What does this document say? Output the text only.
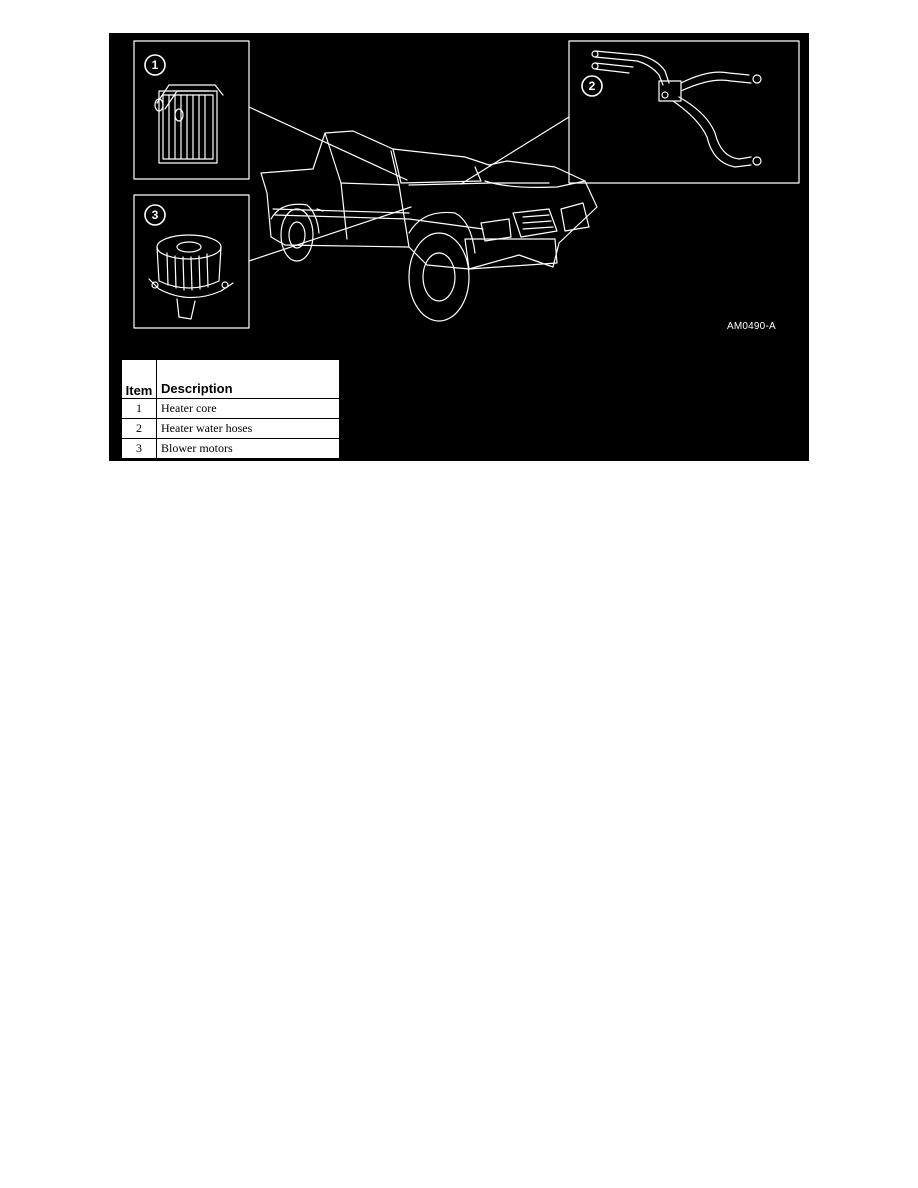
1
2
3
AM0490-A
Item	Description
1	Heater core
2	Heater water hoses
3	Blower motors
